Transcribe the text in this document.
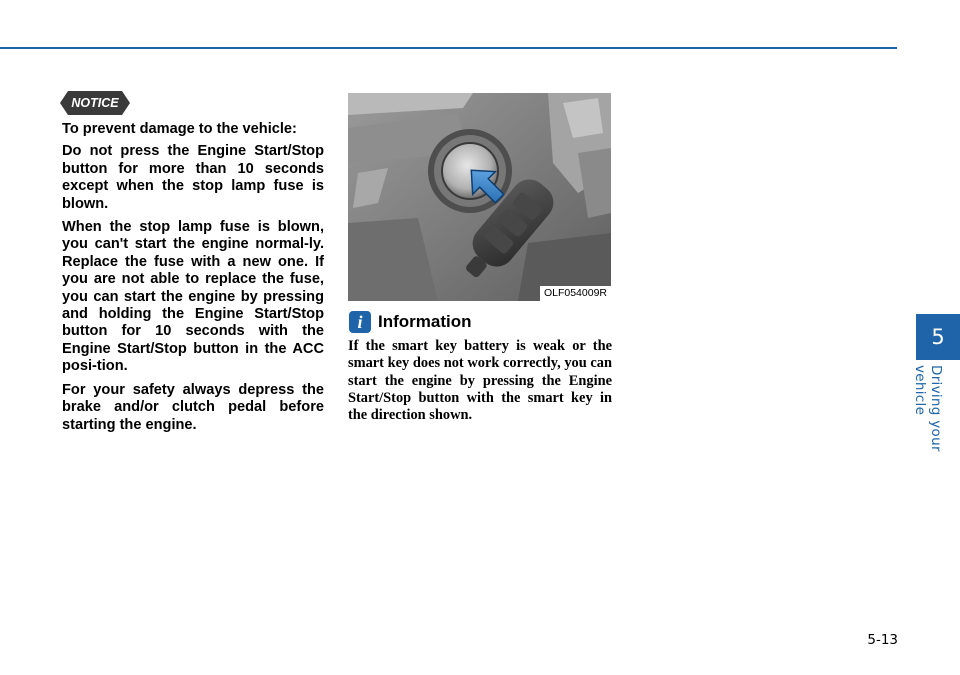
NOTICE

To prevent damage to the vehicle:

Do not press the Engine Start/Stop button for more than 10 seconds except when the stop lamp fuse is blown.

When the stop lamp fuse is blown, you can't start the engine normal-ly. Replace the fuse with a new one. If you are not able to replace the fuse, you can start the engine by pressing and holding the Engine Start/Stop button for 10 seconds with the Engine Start/Stop button in the ACC posi-tion.

For your safety always depress the brake and/or clutch pedal before starting the engine.

OLF054009R
i Information

If the smart key battery is weak or the smart key does not work correctly, you can start the engine by pressing the Engine Start/Stop button with the smart key in the direction shown.

5
Driving your vehicle
5-13
